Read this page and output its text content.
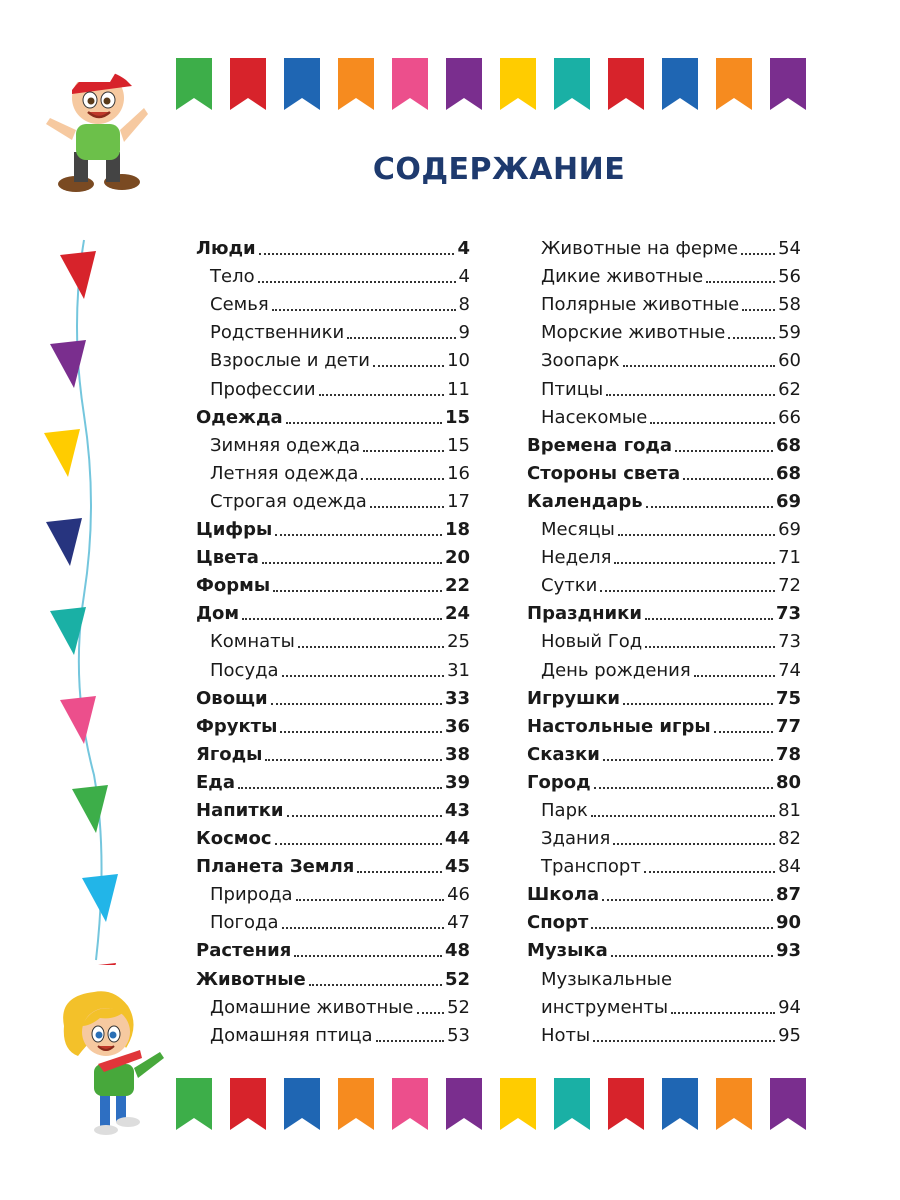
СОДЕРЖАНИЕ
Люди	4
Тело	4
Семья	8
Родственники	9
Взрослые и дети	10
Профессии	11
Одежда	15
Зимняя одежда	15
Летняя одежда	16
Строгая одежда	17
Цифры	18
Цвета	20
Формы	22
Дом	24
Комнаты	25
Посуда	31
Овощи	33
Фрукты	36
Ягоды	38
Еда	39
Напитки	43
Космос	44
Планета Земля	45
Природа	46
Погода	47
Растения	48
Животные	52
Домашние животные 52
Домашняя птица	53
Животные на ферме 54
Дикие животные	56
Полярные животные 58
Морские животные	59
Зоопарк	60
Птицы	62
Насекомые	66
Времена года	68
Стороны света	68
Календарь	69
Месяцы	69
Неделя	71
Сутки	72
Праздники	73
Новый Год	73
День рождения	74
Игрушки	75
Настольные игры	77
Сказки	78
Город	80
Парк	81
Здания	82
Транспорт	84
Школа	87
Спорт	90
Музыка	93
Музыкальные
инструменты	94
Ноты	95
